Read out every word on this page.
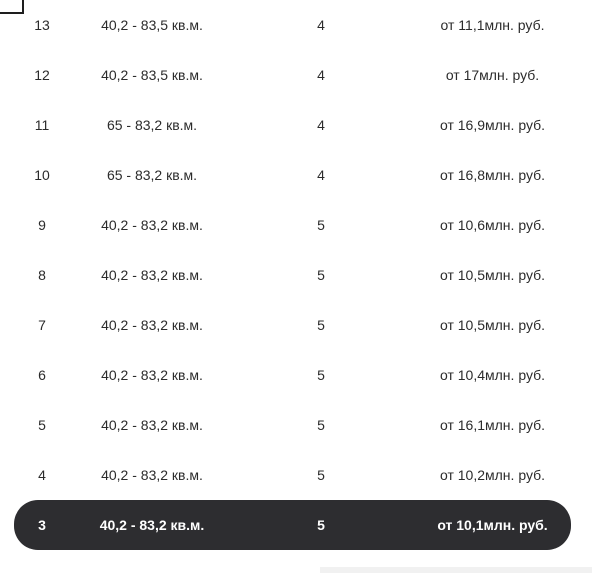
13	40,2 - 83,5 кв.м.	4	от 11,1млн. руб.
12	40,2 - 83,5 кв.м.	4	от 17млн. руб.
11	65 - 83,2 кв.м.	4	от 16,9млн. руб.
10	65 - 83,2 кв.м.	4	от 16,8млн. руб.
9	40,2 - 83,2 кв.м.	5	от 10,6млн. руб.
8	40,2 - 83,2 кв.м.	5	от 10,5млн. руб.
7	40,2 - 83,2 кв.м.	5	от 10,5млн. руб.
6	40,2 - 83,2 кв.м.	5	от 10,4млн. руб.
5	40,2 - 83,2 кв.м.	5	от 16,1млн. руб.
4	40,2 - 83,2 кв.м.	5	от 10,2млн. руб.
3	40,2 - 83,2 кв.м.	5	от 10,1млн. руб.
